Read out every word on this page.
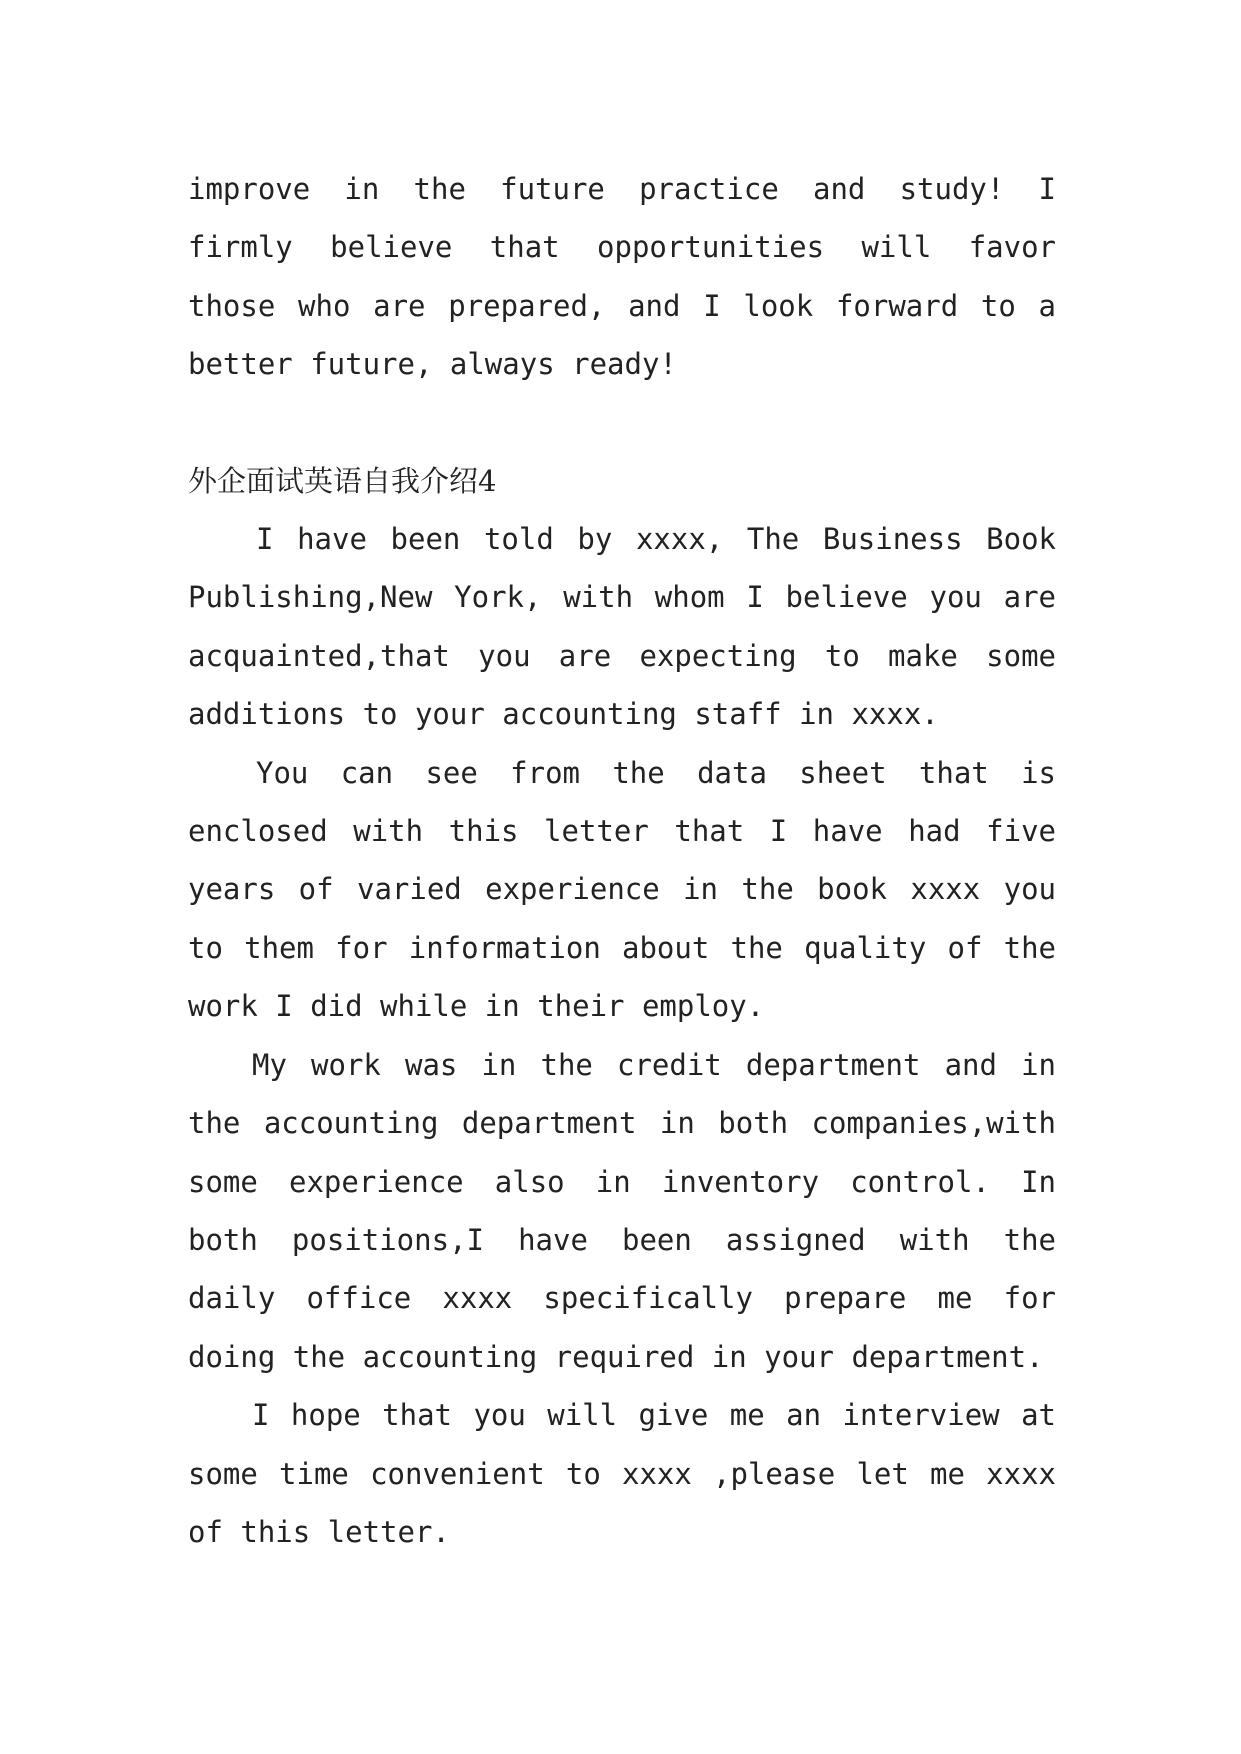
improve in the future practice and study! I firmly believe that opportunities will favor those who are prepared, and I look forward to a better future, always ready!

外企面试英语自我介绍4

I have been told by xxxx, The Business Book Publishing,New York, with whom I believe you are acquainted,that you are expecting to make some additions to your accounting staff in xxxx.

You can see from the data sheet that is enclosed with this letter that I have had five years of varied experience in the book xxxx you to them for information about the quality of the work I did while in their employ.

My work was in the credit department and in the accounting department in both companies,with some experience also in inventory control. In both positions,I have been assigned with the daily office xxxx specifically prepare me for doing the accounting required in your department.

I hope that you will give me an interview at some time convenient to xxxx ,please let me xxxx of this letter.
